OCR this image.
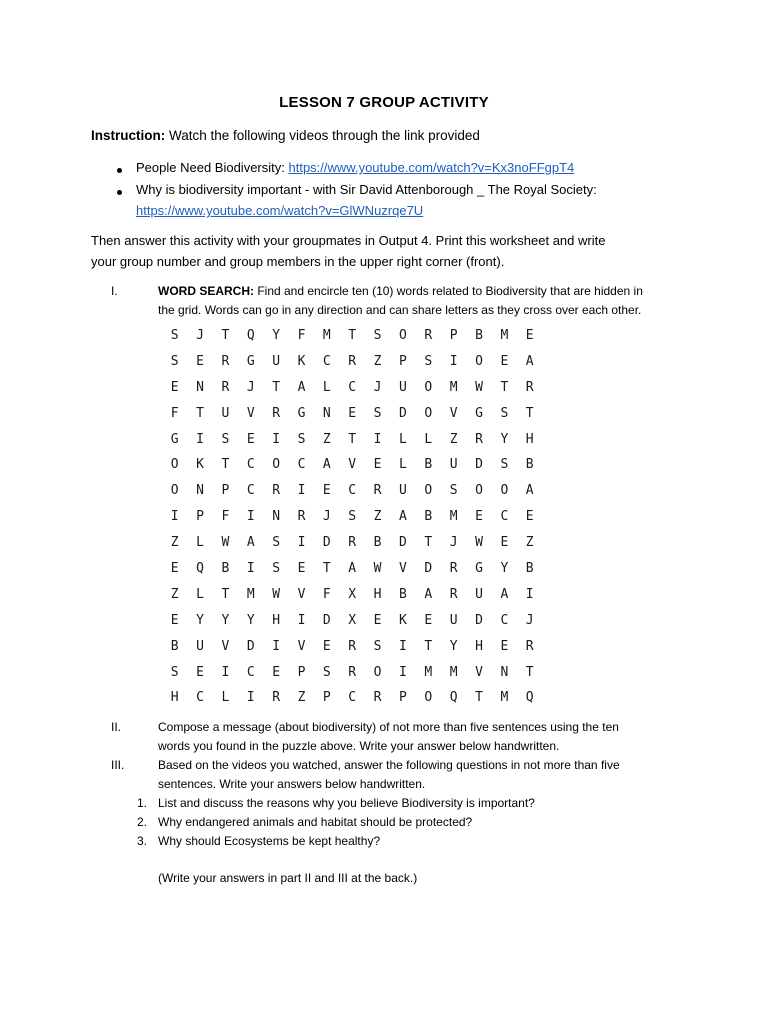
LESSON 7 GROUP ACTIVITY
Instruction: Watch the following videos through the link provided
People Need Biodiversity: https://www.youtube.com/watch?v=Kx3noFFgpT4
Why is biodiversity important - with Sir David Attenborough _ The Royal Society:
https://www.youtube.com/watch?v=GlWNuzrqe7U
Then answer this activity with your groupmates in Output 4. Print this worksheet and write
your group number and group members in the upper right corner (front).
I.	WORD SEARCH: Find and encircle ten (10) words related to Biodiversity that are hidden in
the grid. Words can go in any direction and can share letters as they cross over each other.
S	J	T	Q	Y	F	M	T	S	O	R	P	B	M	E
S	E	R	G	U	K	C	R	Z	P	S	I	O	E	A
E	N	R	J	T	A	L	C	J	U	O	M	W	T	R
F	T	U	V	R	G	N	E	S	D	O	V	G	S	T
G	I	S	E	I	S	Z	T	I	L	L	Z	R	Y	H
O	K	T	C	O	C	A	V	E	L	B	U	D	S	B
O	N	P	C	R	I	E	C	R	U	O	S	O	O	A
I	P	F	I	N	R	J	S	Z	A	B	M	E	C	E
Z	L	W	A	S	I	D	R	B	D	T	J	W	E	Z
E	Q	B	I	S	E	T	A	W	V	D	R	G	Y	B
Z	L	T	M	W	V	F	X	H	B	A	R	U	A	I
E	Y	Y	Y	H	I	D	X	E	K	E	U	D	C	J
B	U	V	D	I	V	E	R	S	I	T	Y	H	E	R
S	E	I	C	E	P	S	R	O	I	M	M	V	N	T
H	C	L	I	R	Z	P	C	R	P	O	Q	T	M	Q
II.	Compose a message (about biodiversity) of not more than five sentences using the ten
words you found in the puzzle above. Write your answer below handwritten.
III.	Based on the videos you watched, answer the following questions in not more than five
sentences. Write your answers below handwritten.
1. List and discuss the reasons why you believe Biodiversity is important?
2. Why endangered animals and habitat should be protected?
3. Why should Ecosystems be kept healthy?
(Write your answers in part II and III at the back.)
